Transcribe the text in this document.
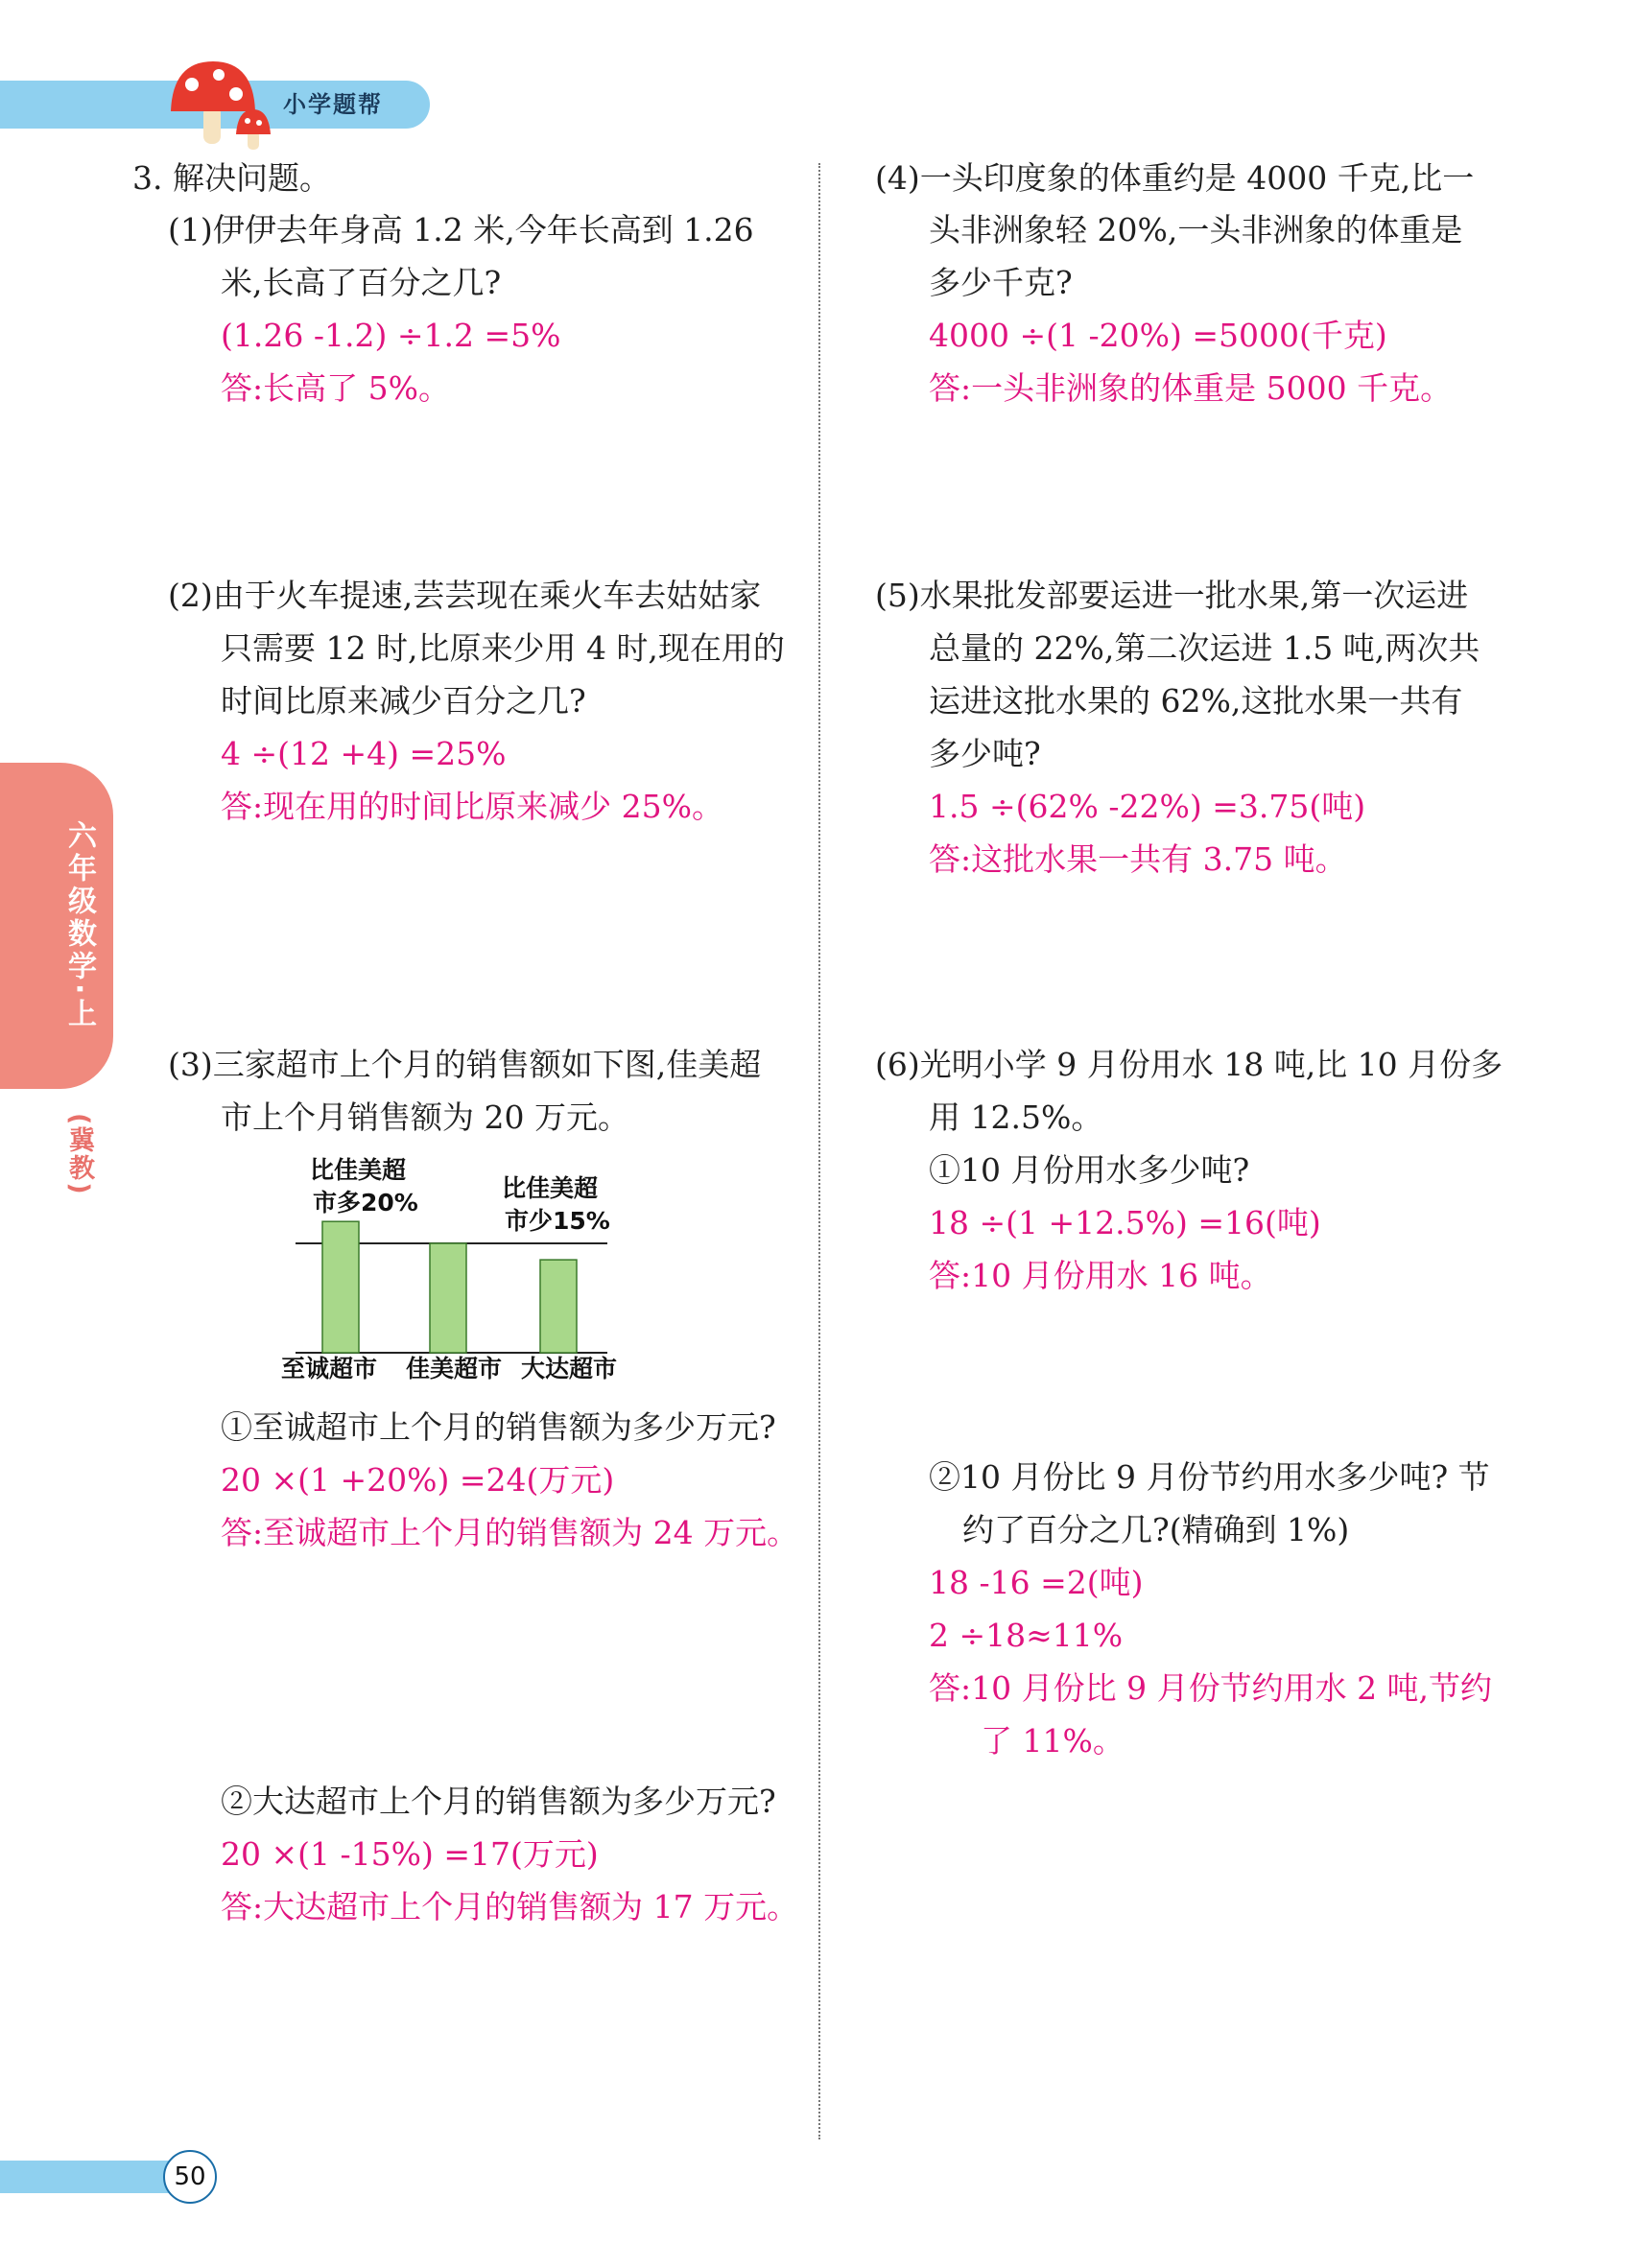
小学题帮
六年级数学·上
(冀教)
3. 解决问题。
(1)伊伊去年身高 1.2 米,今年长高到 1.26
米,长高了百分之几?
(1.26 -1.2) ÷1.2 =5%
答:长高了 5%。
(2)由于火车提速,芸芸现在乘火车去姑姑家
只需要 12 时,比原来少用 4 时,现在用的
时间比原来减少百分之几?
4 ÷(12 +4) =25%
答:现在用的时间比原来减少 25%。
(3)三家超市上个月的销售额如下图,佳美超
市上个月销售额为 20 万元。
比佳美超
市多20%
比佳美超
市少15%
至诚超市 佳美超市 大达超市
①至诚超市上个月的销售额为多少万元?
20 ×(1 +20%) =24(万元)
答:至诚超市上个月的销售额为 24 万元。
②大达超市上个月的销售额为多少万元?
20 ×(1 -15%) =17(万元)
答:大达超市上个月的销售额为 17 万元。
(4)一头印度象的体重约是 4000 千克,比一
头非洲象轻 20%,一头非洲象的体重是
多少千克?
4000 ÷(1 -20%) =5000(千克)
答:一头非洲象的体重是 5000 千克。
(5)水果批发部要运进一批水果,第一次运进
总量的 22%,第二次运进 1.5 吨,两次共
运进这批水果的 62%,这批水果一共有
多少吨?
1.5 ÷(62% -22%) =3.75(吨)
答:这批水果一共有 3.75 吨。
(6)光明小学 9 月份用水 18 吨,比 10 月份多
用 12.5%。
①10 月份用水多少吨?
18 ÷(1 +12.5%) =16(吨)
答:10 月份用水 16 吨。
②10 月份比 9 月份节约用水多少吨? 节
约了百分之几?(精确到 1%)
18 -16 =2(吨)
2 ÷18≈11%
答:10 月份比 9 月份节约用水 2 吨,节约
了 11%。
50
